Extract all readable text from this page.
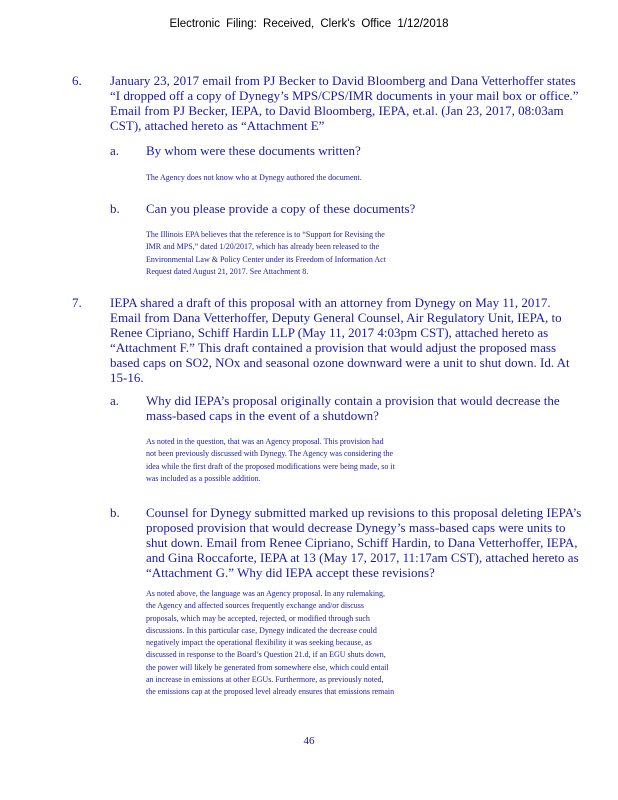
Electronic Filing: Received, Clerk's Office 1/12/2018
6. January 23, 2017 email from PJ Becker to David Bloomberg and Dana Vetterhoffer states “I dropped off a copy of Dynegy’s MPS/CPS/IMR documents in your mail box or office.” Email from PJ Becker, IEPA, to David Bloomberg, IEPA, et.al. (Jan 23, 2017, 08:03am CST), attached hereto as “Attachment E”
a. By whom were these documents written?
The Agency does not know who at Dynegy authored the document.
b. Can you please provide a copy of these documents?
The Illinois EPA believes that the reference is to “Support for Revising the
IMR and MPS,” dated 1/20/2017, which has already been released to the
Environmental Law & Policy Center under its Freedom of Information Act
Request dated August 21, 2017. See Attachment 8.
7. IEPA shared a draft of this proposal with an attorney from Dynegy on May 11, 2017. Email from Dana Vetterhoffer, Deputy General Counsel, Air Regulatory Unit, IEPA, to Renee Cipriano, Schiff Hardin LLP (May 11, 2017 4:03pm CST), attached hereto as “Attachment F.” This draft contained a provision that would adjust the proposed mass based caps on SO2, NOx and seasonal ozone downward were a unit to shut down. Id. At 15-16.
a. Why did IEPA’s proposal originally contain a provision that would decrease the mass-based caps in the event of a shutdown?
As noted in the question, that was an Agency proposal. This provision had
not been previously discussed with Dynegy. The Agency was considering the
idea while the first draft of the proposed modifications were being made, so it
was included as a possible addition.
b. Counsel for Dynegy submitted marked up revisions to this proposal deleting IEPA’s proposed provision that would decrease Dynegy’s mass-based caps were units to shut down. Email from Renee Cipriano, Schiff Hardin, to Dana Vetterhoffer, IEPA, and Gina Roccaforte, IEPA at 13 (May 17, 2017, 11:17am CST), attached hereto as “Attachment G.” Why did IEPA accept these revisions?
As noted above, the language was an Agency proposal. In any rulemaking,
the Agency and affected sources frequently exchange and/or discuss
proposals, which may be accepted, rejected, or modified through such
discussions. In this particular case, Dynegy indicated the decrease could
negatively impact the operational flexibility it was seeking because, as
discussed in response to the Board’s Question 21.d, if an EGU shuts down,
the power will likely be generated from somewhere else, which could entail
an increase in emissions at other EGUs. Furthermore, as previously noted,
the emissions cap at the proposed level already ensures that emissions remain
46
